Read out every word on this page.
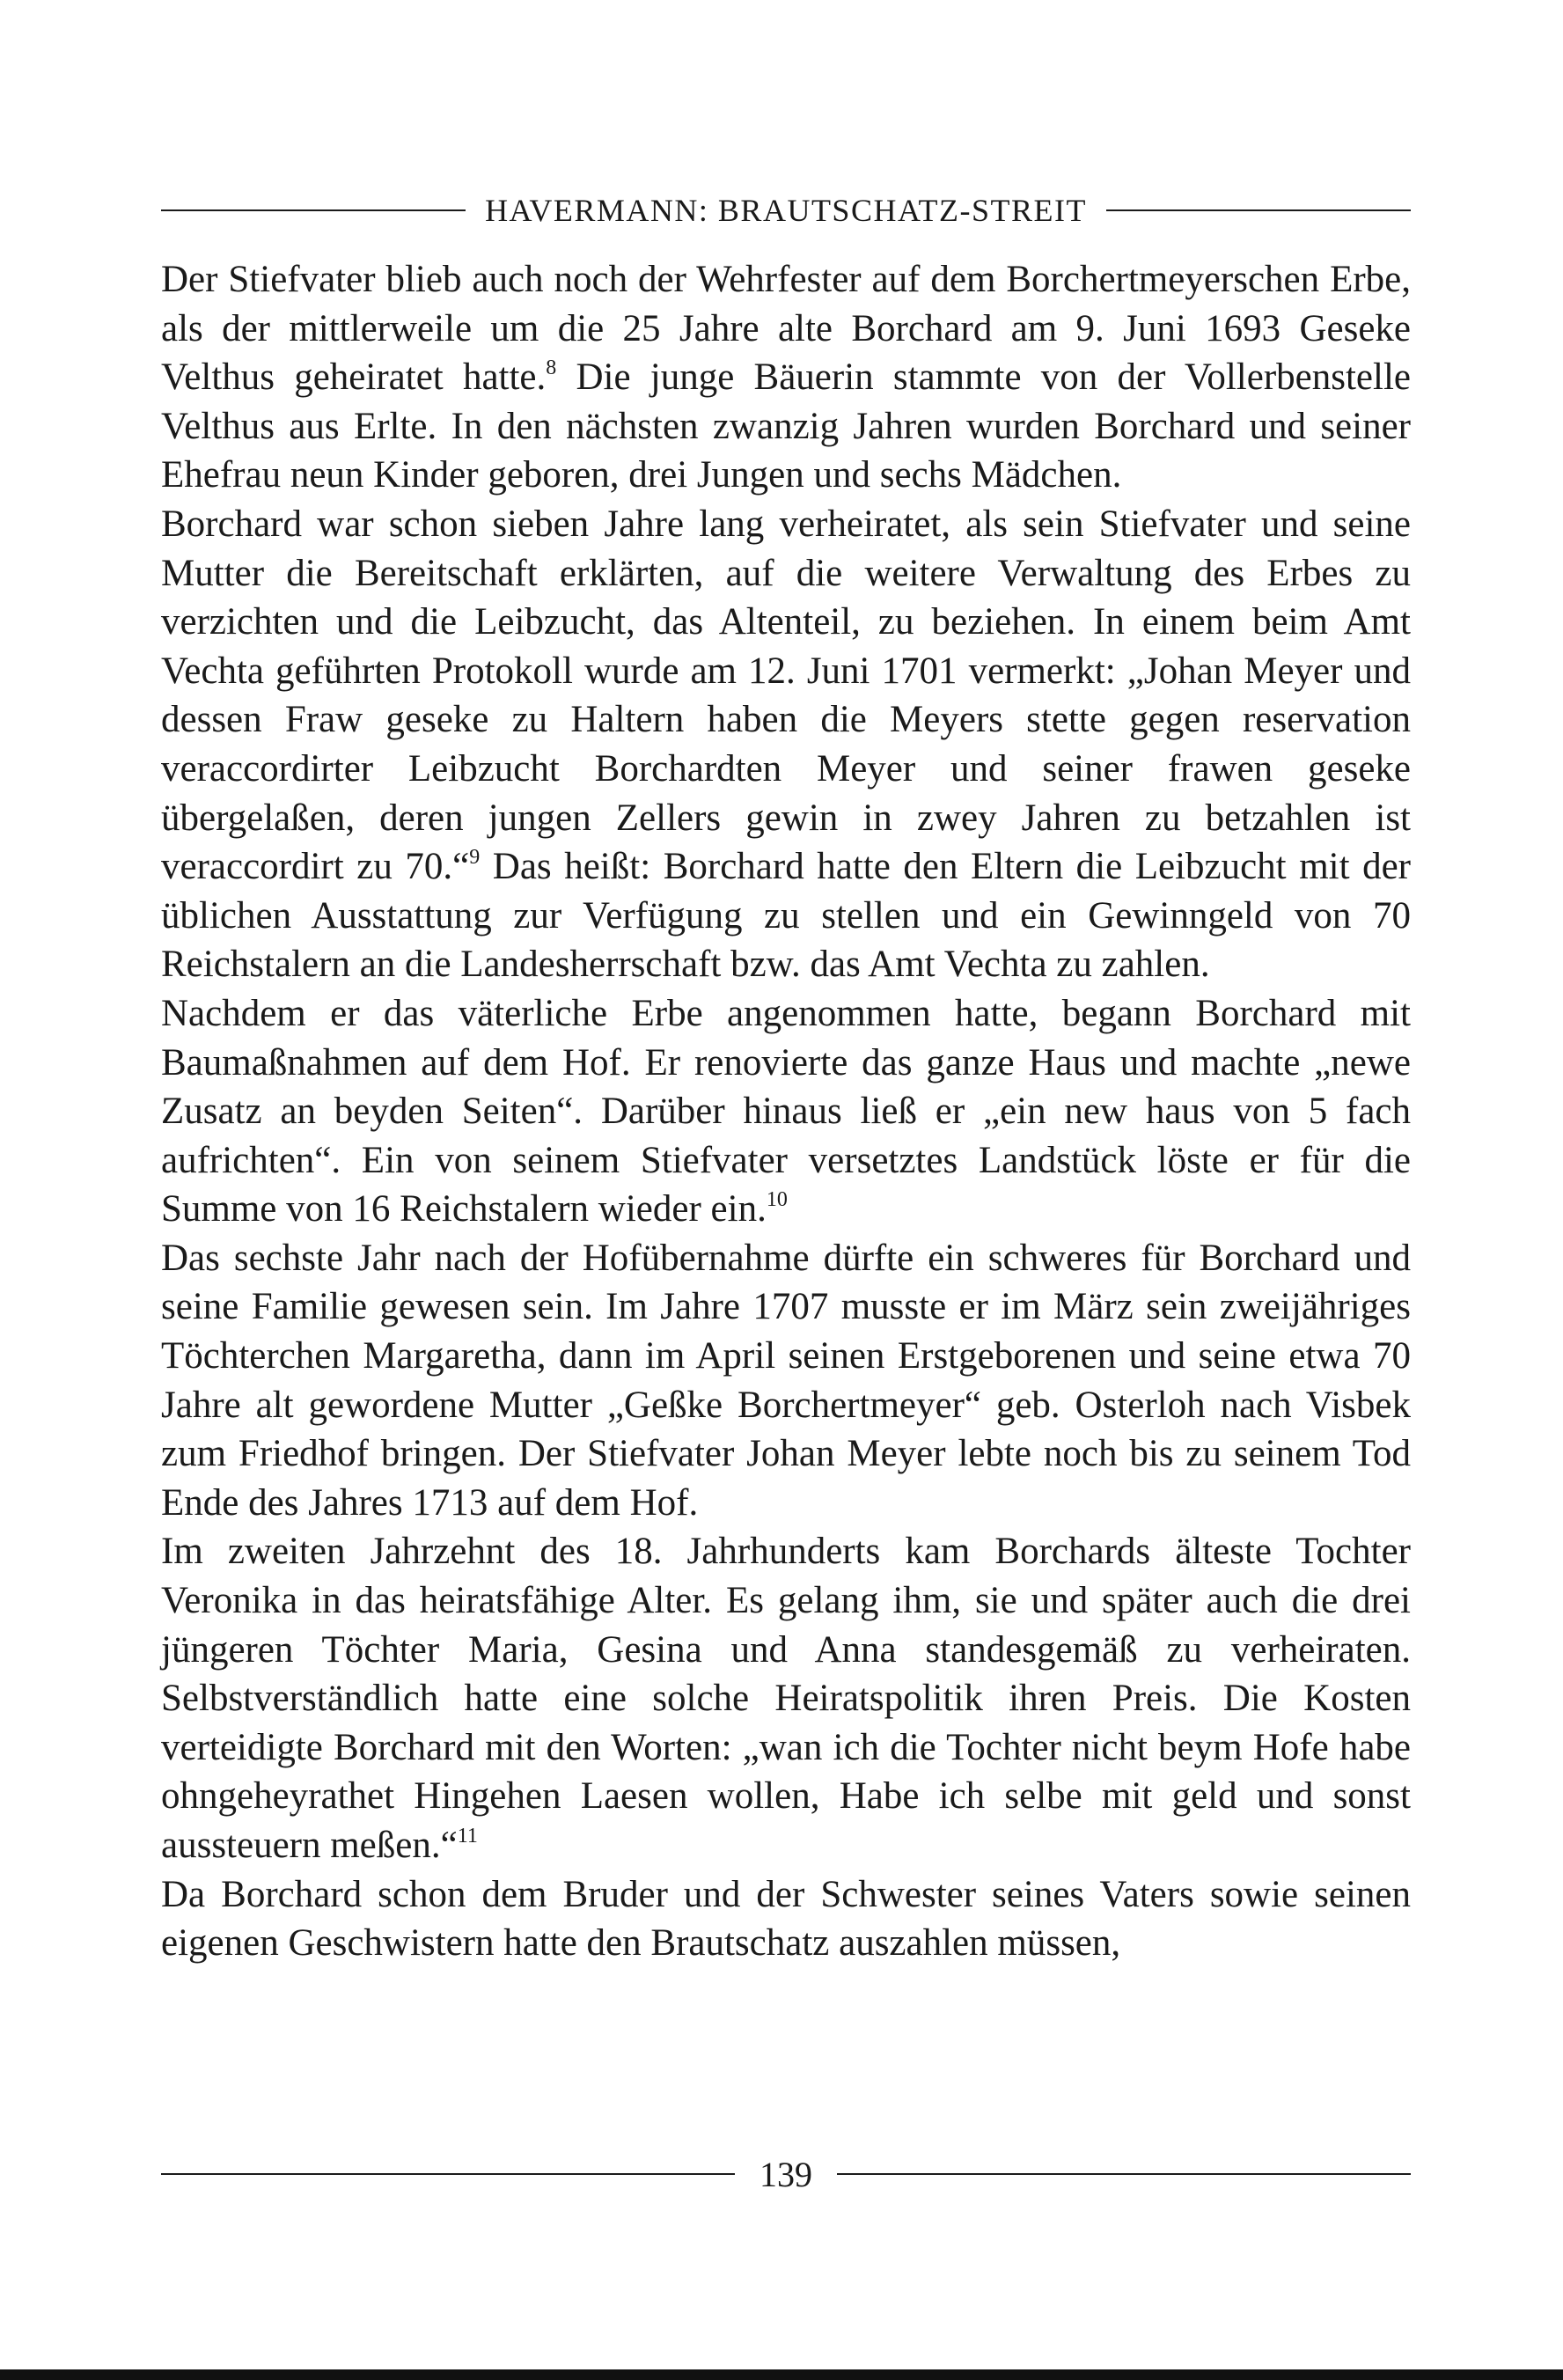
HAVERMANN: BRAUTSCHATZ-STREIT

Der Stiefvater blieb auch noch der Wehrfester auf dem Borchertmeyerschen Erbe, als der mittlerweile um die 25 Jahre alte Borchard am 9. Juni 1693 Geseke Velthus geheiratet hatte.$^8$ Die junge Bäuerin stammte von der Vollerbenstelle Velthus aus Erlte. In den nächsten zwanzig Jahren wurden Borchard und seiner Ehefrau neun Kinder geboren, drei Jungen und sechs Mädchen.

Borchard war schon sieben Jahre lang verheiratet, als sein Stiefvater und seine Mutter die Bereitschaft erklärten, auf die weitere Verwaltung des Erbes zu verzichten und die Leibzucht, das Altenteil, zu beziehen. In einem beim Amt Vechta geführten Protokoll wurde am 12. Juni 1701 vermerkt: „Johan Meyer und dessen Fraw geseke zu Haltern haben die Meyers stette gegen reservation veraccordirter Leibzucht Borchardten Meyer und seiner frawen geseke übergelaßen, deren jungen Zellers gewin in zwey Jahren zu betzahlen ist veraccordirt zu 70.“$^9$ Das heißt: Borchard hatte den Eltern die Leibzucht mit der üblichen Ausstattung zur Verfügung zu stellen und ein Gewinngeld von 70 Reichstalern an die Landesherrschaft bzw. das Amt Vechta zu zahlen.

Nachdem er das väterliche Erbe angenommen hatte, begann Borchard mit Baumaßnahmen auf dem Hof. Er renovierte das ganze Haus und machte „newe Zusatz an beyden Seiten“. Darüber hinaus ließ er „ein new haus von 5 fach aufrichten“. Ein von seinem Stiefvater versetztes Landstück löste er für die Summe von 16 Reichstalern wieder ein.$^{10}$

Das sechste Jahr nach der Hofübernahme dürfte ein schweres für Borchard und seine Familie gewesen sein. Im Jahre 1707 musste er im März sein zweijähriges Töchterchen Margaretha, dann im April seinen Erstgeborenen und seine etwa 70 Jahre alt gewordene Mutter „Geßke Borchertmeyer“ geb. Osterloh nach Visbek zum Friedhof bringen. Der Stiefvater Johan Meyer lebte noch bis zu seinem Tod Ende des Jahres 1713 auf dem Hof.

Im zweiten Jahrzehnt des 18. Jahrhunderts kam Borchards älteste Tochter Veronika in das heiratsfähige Alter. Es gelang ihm, sie und später auch die drei jüngeren Töchter Maria, Gesina und Anna standesgemäß zu verheiraten. Selbstverständlich hatte eine solche Heiratspolitik ihren Preis. Die Kosten verteidigte Borchard mit den Worten: „wan ich die Tochter nicht beym Hofe habe ohngeheyrathet Hingehen Laesen wollen, Habe ich selbe mit geld und sonst aussteuern meßen.“$^{11}$

Da Borchard schon dem Bruder und der Schwester seines Vaters sowie seinen eigenen Geschwistern hatte den Brautschatz auszahlen müssen,

139
